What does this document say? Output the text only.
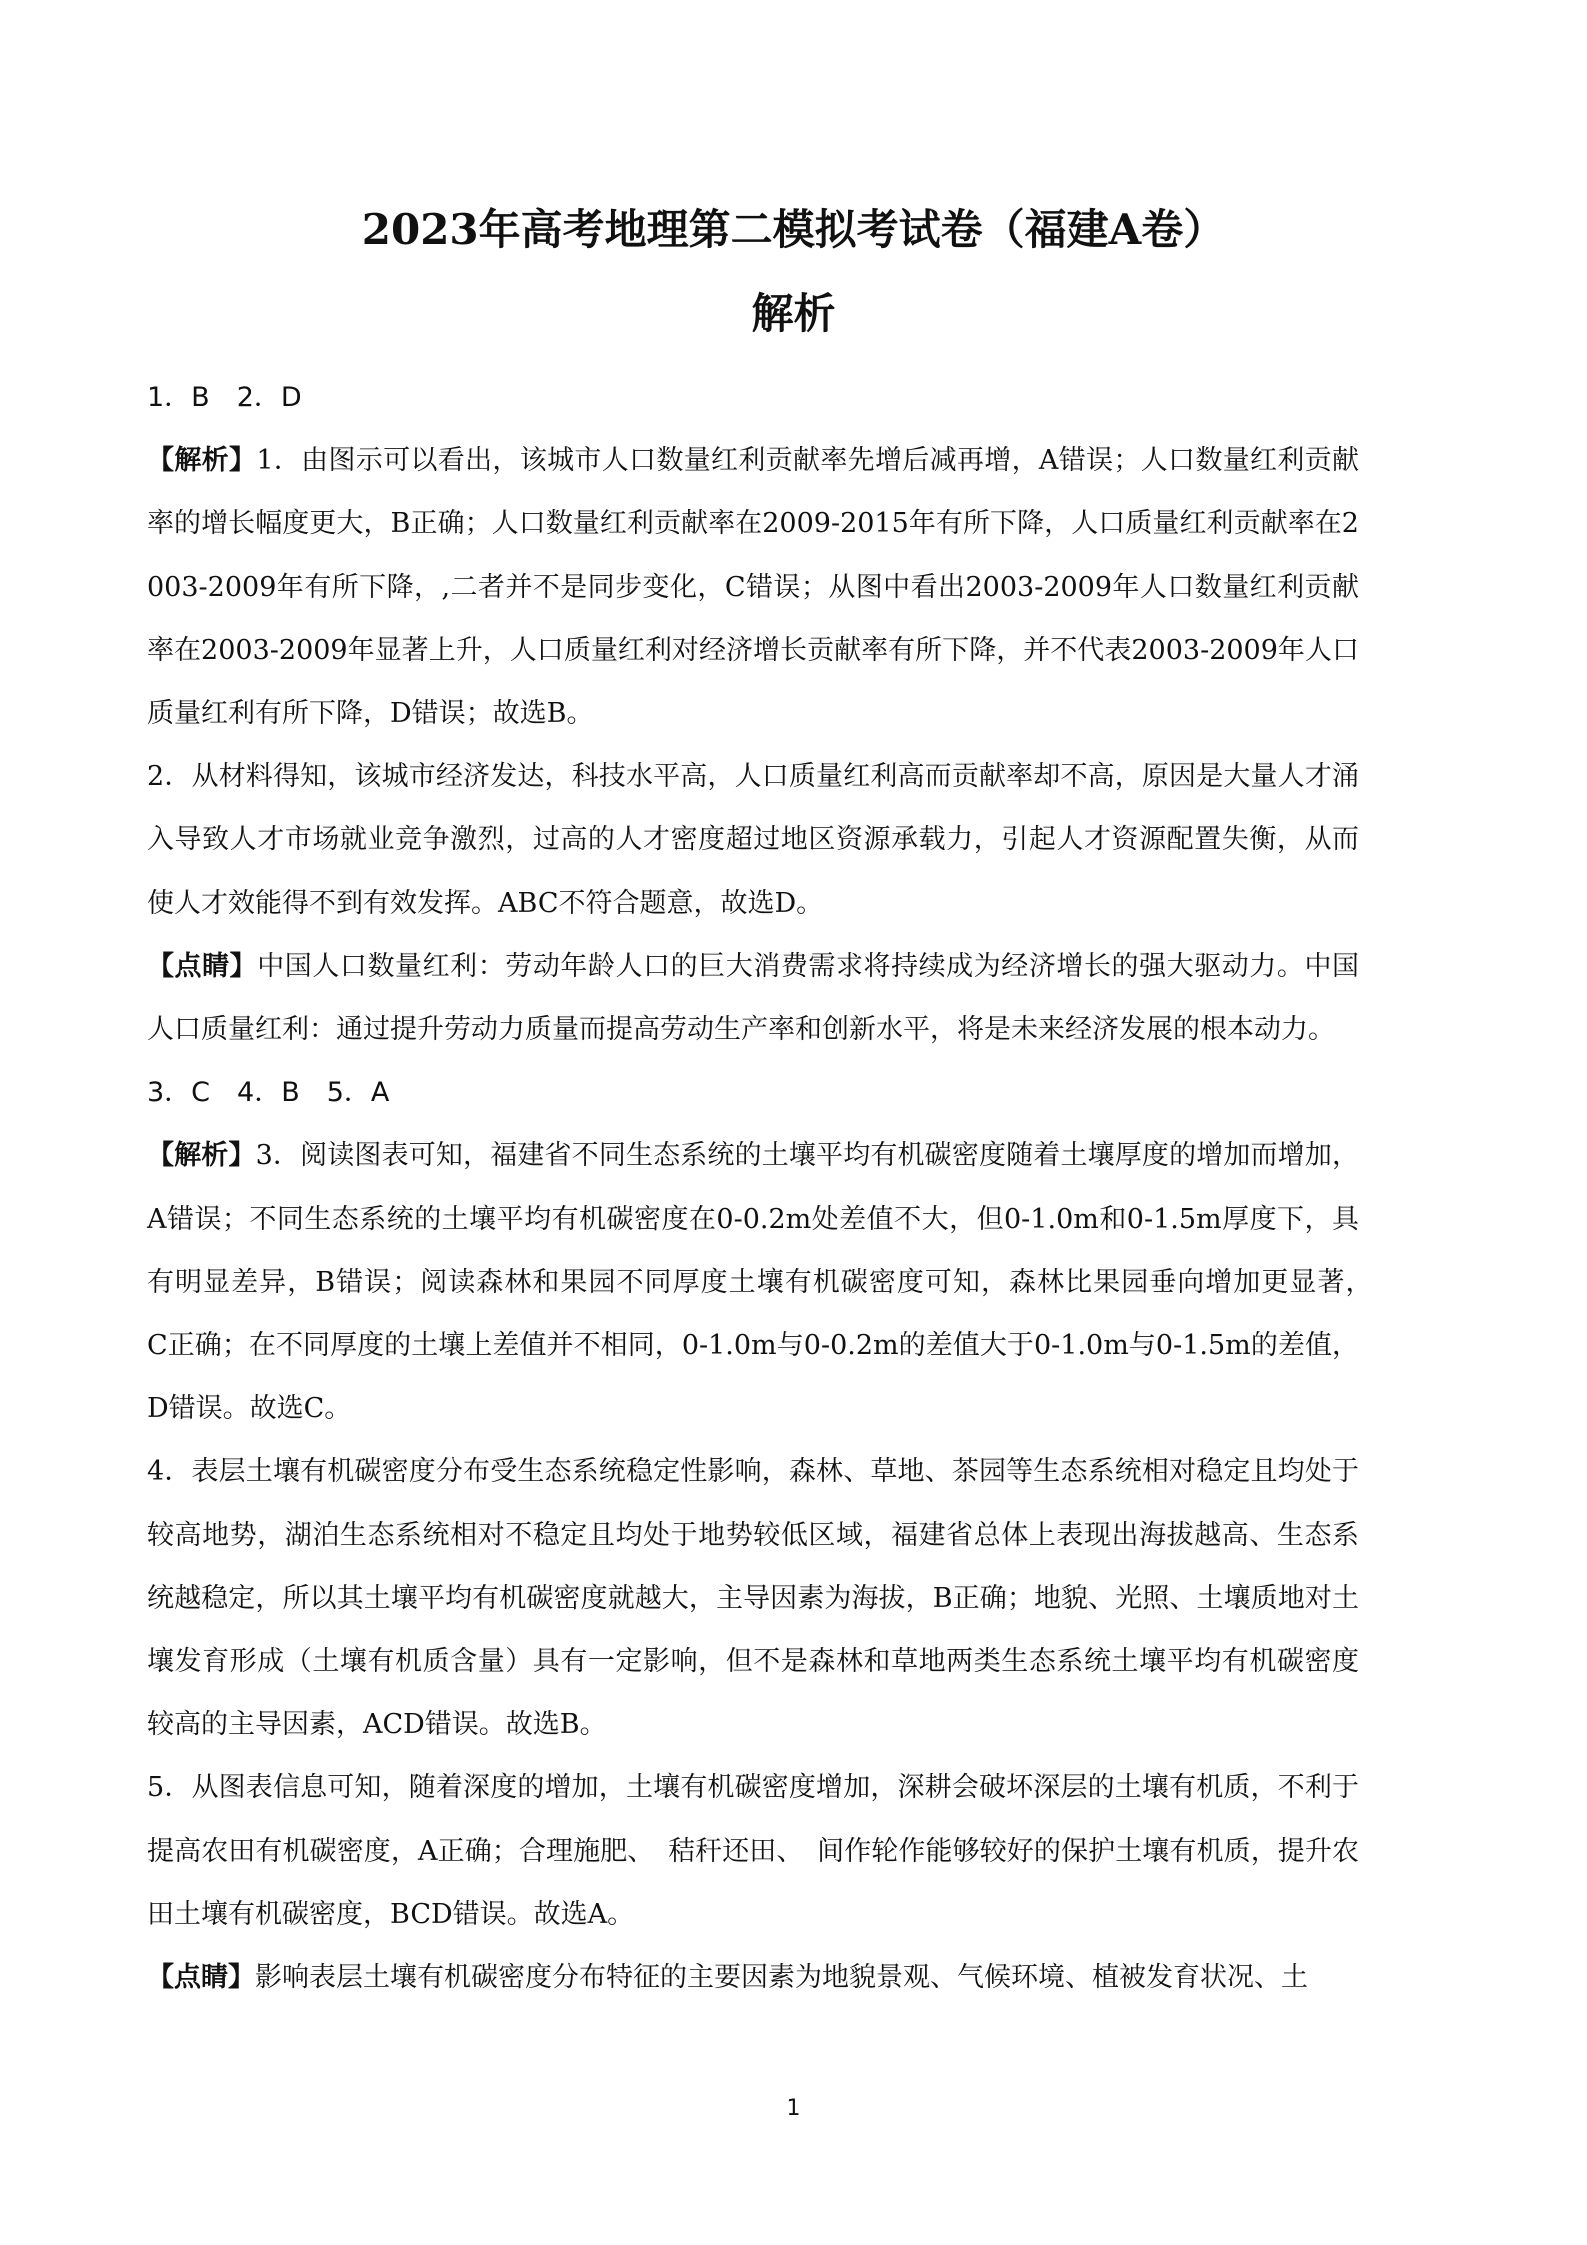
2023年高考地理第二模拟考试卷（福建A卷）
解析

1．B　2．D

【解析】1．由图示可以看出，该城市人口数量红利贡献率先增后减再增，A错误；人口数量红利贡献率的增长幅度更大，B正确；人口数量红利贡献率在2009-2015年有所下降，人口质量红利贡献率在2003-2009年有所下降，,二者并不是同步变化，C错误；从图中看出2003-2009年人口数量红利贡献率在2003-2009年显著上升，人口质量红利对经济增长贡献率有所下降，并不代表2003-2009年人口质量红利有所下降，D错误；故选B。

2．从材料得知，该城市经济发达，科技水平高，人口质量红利高而贡献率却不高，原因是大量人才涌入导致人才市场就业竞争激烈，过高的人才密度超过地区资源承载力，引起人才资源配置失衡，从而使人才效能得不到有效发挥。ABC不符合题意，故选D。

【点睛】中国人口数量红利：劳动年龄人口的巨大消费需求将持续成为经济增长的强大驱动力。中国人口质量红利：通过提升劳动力质量而提高劳动生产率和创新水平，将是未来经济发展的根本动力。

3．C　4．B　5．A

【解析】3．阅读图表可知，福建省不同生态系统的土壤平均有机碳密度随着土壤厚度的增加而增加，A错误；不同生态系统的土壤平均有机碳密度在0-0.2m处差值不大，但0-1.0m和0-1.5m厚度下，具有明显差异，B错误；阅读森林和果园不同厚度土壤有机碳密度可知，森林比果园垂向增加更显著，　C正确；在不同厚度的土壤上差值并不相同，0-1.0m与0-0.2m的差值大于0-1.0m与0-1.5m的差值，D错误。故选C。

4．表层土壤有机碳密度分布受生态系统稳定性影响，森林、草地、茶园等生态系统相对稳定且均处于较高地势，湖泊生态系统相对不稳定且均处于地势较低区域，福建省总体上表现出海拔越高、生态系统越稳定，所以其土壤平均有机碳密度就越大，主导因素为海拔，B正确；地貌、光照、土壤质地对土壤发育形成（土壤有机质含量）具有一定影响，但不是森林和草地两类生态系统土壤平均有机碳密度较高的主导因素，ACD错误。故选B。

5．从图表信息可知，随着深度的增加，土壤有机碳密度增加，深耕会破坏深层的土壤有机质，不利于提高农田有机碳密度，A正确；合理施肥、　秸秆还田、　间作轮作能够较好的保护土壤有机质，提升农田土壤有机碳密度，BCD错误。故选A。

【点睛】影响表层土壤有机碳密度分布特征的主要因素为地貌景观、气候环境、植被发育状况、土

1
